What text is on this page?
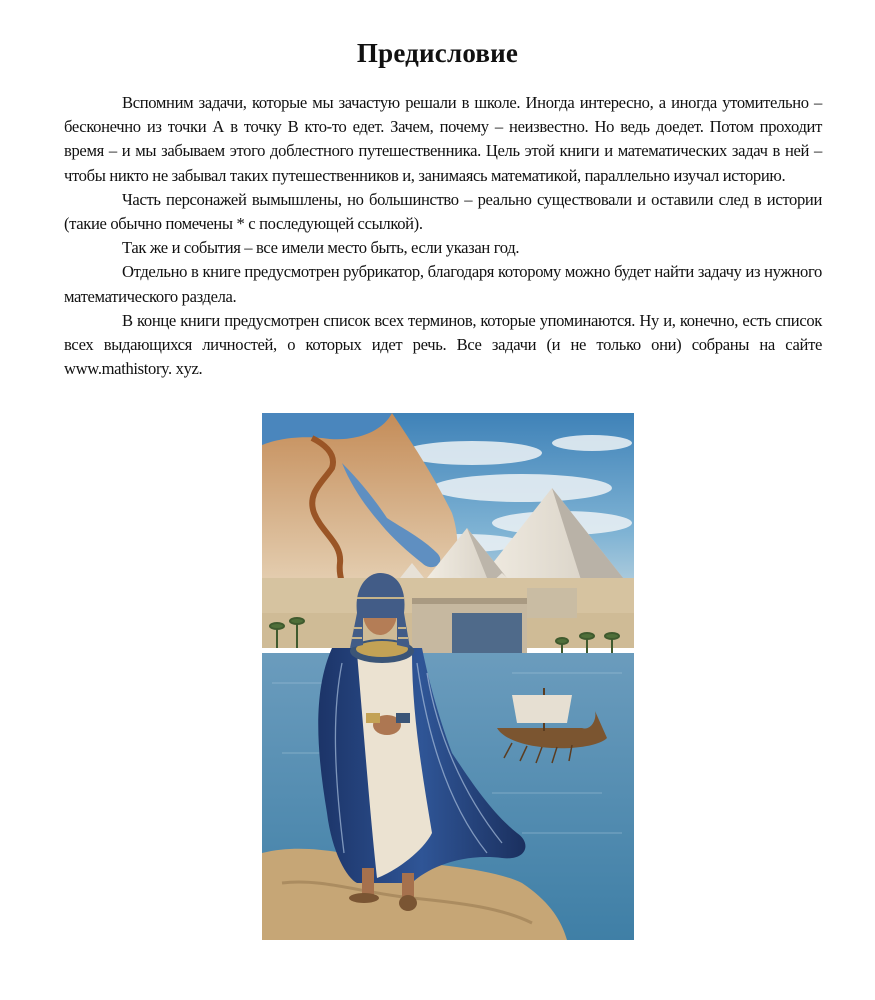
Предисловие

Вспомним задачи, которые мы зачастую решали в школе. Иногда интересно, а иногда утомительно – бесконечно из точки А в точку В кто-то едет. Зачем, почему – неизвестно. Но ведь доедет. Потом проходит время – и мы забываем этого доблестного путешественника. Цель этой книги и математических задач в ней – чтобы никто не забывал таких путешественников и, занимаясь математикой, параллельно изучал историю.

Часть персонажей вымышлены, но большинство – реально существовали и оставили след в истории (такие обычно помечены * с последующей ссылкой).

Так же и события – все имели место быть, если указан год.

Отдельно в книге предусмотрен рубрикатор, благодаря которому можно будет найти задачу из нужного математического раздела.

В конце книги предусмотрен список всех терминов, которые упоминаются. Ну и, конечно, есть список всех выдающихся личностей, о которых идет речь. Все задачи (и не только они) собраны на сайте www.mathistory. xyz.
